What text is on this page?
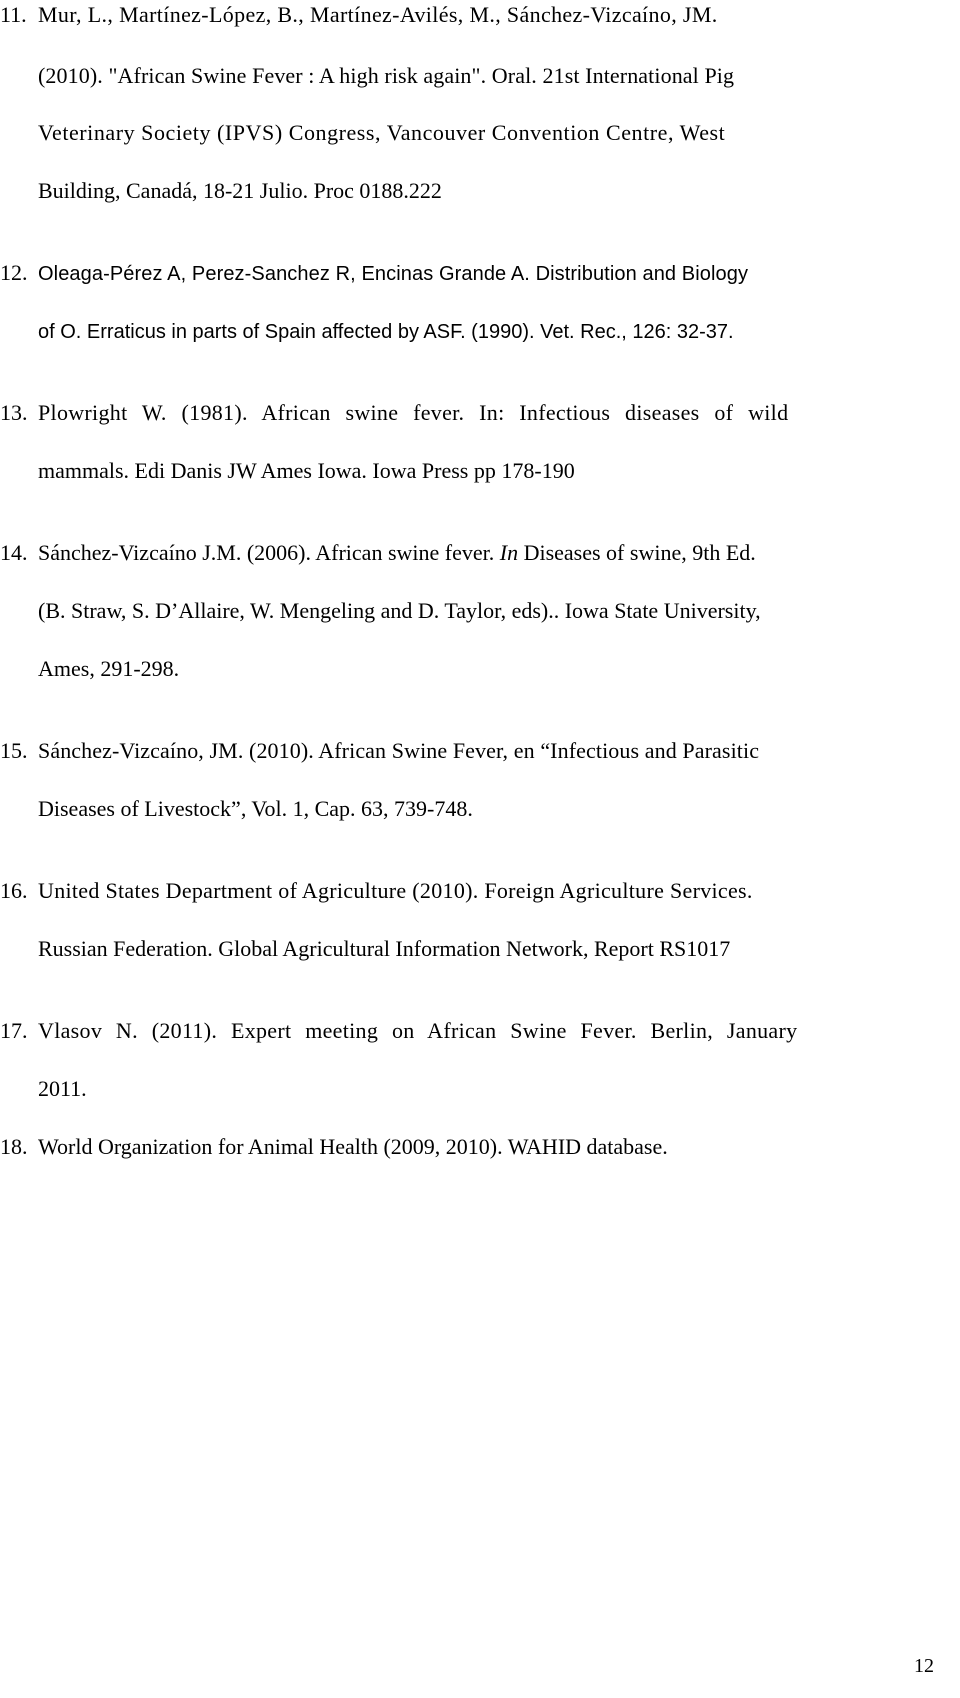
11. Mur, L., Martínez-López, B., Martínez-Avilés, M., Sánchez-Vizcaíno, JM.
(2010). "African Swine Fever : A high risk again". Oral. 21st International Pig
Veterinary Society (IPVS) Congress, Vancouver Convention Centre, West
Building, Canadá, 18-21 Julio. Proc 0188.222
12. Oleaga-Pérez A, Perez-Sanchez R, Encinas Grande A. Distribution and Biology
of O. Erraticus in parts of Spain affected by ASF. (1990). Vet. Rec., 126: 32-37.
13. Plowright W. (1981). African swine fever. In: Infectious diseases of wild
mammals. Edi Danis JW Ames Iowa. Iowa Press pp 178-190
14. Sánchez-Vizcaíno J.M. (2006). African swine fever. In Diseases of swine, 9th Ed.
(B. Straw, S. D’Allaire, W. Mengeling and D. Taylor, eds).. Iowa State University,
Ames, 291-298.
15. Sánchez-Vizcaíno, JM. (2010). African Swine Fever, en “Infectious and Parasitic
Diseases of Livestock”, Vol. 1, Cap. 63, 739-748.
16. United States Department of Agriculture (2010). Foreign Agriculture Services.
Russian Federation. Global Agricultural Information Network, Report RS1017
17. Vlasov N. (2011). Expert meeting on African Swine Fever. Berlin, January
2011.
18. World Organization for Animal Health (2009, 2010). WAHID database.
12
